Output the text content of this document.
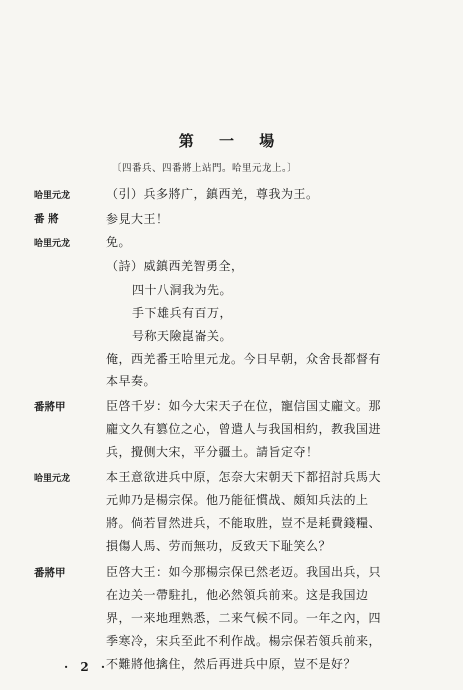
第 一 場
〔四番兵、四番將上站門。哈里元龙上。〕
哈里元龙	（引）兵多將广，鎮西羌，尊我为王。
番 將	参見大王！
哈里元龙	免。
（詩）威鎮西羌智勇全，
四十八洞我为先。
手下雄兵有百万，
号称天險崑崙关。
俺，西羌番王哈里元龙。今日早朝，众舍長都督有
本早奏。
番將甲	臣啓千岁：如今大宋天子在位，寵信国丈龐文。那
龐文久有篡位之心，曾遣人与我国相約，教我国进
兵，攪侧大宋，平分疆土。請旨定夺！
哈里元龙	本王意欲进兵中原，怎奈大宋朝天下都招討兵馬大
元帅乃是楊宗保。他乃能征慣战、頗知兵法的上
將。倘若冒然进兵，不能取胜，豈不是耗費錢糧、
損傷人馬、劳而無功，反致天下耻笑么？
番將甲	臣啓大王：如今那楊宗保已然老迈。我国出兵，只
在边关一帶駐扎，他必然領兵前来。这是我国边
界，一来地理熟悉，二来气候不同。一年之內，四
季寒冷，宋兵至此不利作战。楊宗保若領兵前来，
不難將他擒住，然后再进兵中原，豈不是好？
· 2 ·
